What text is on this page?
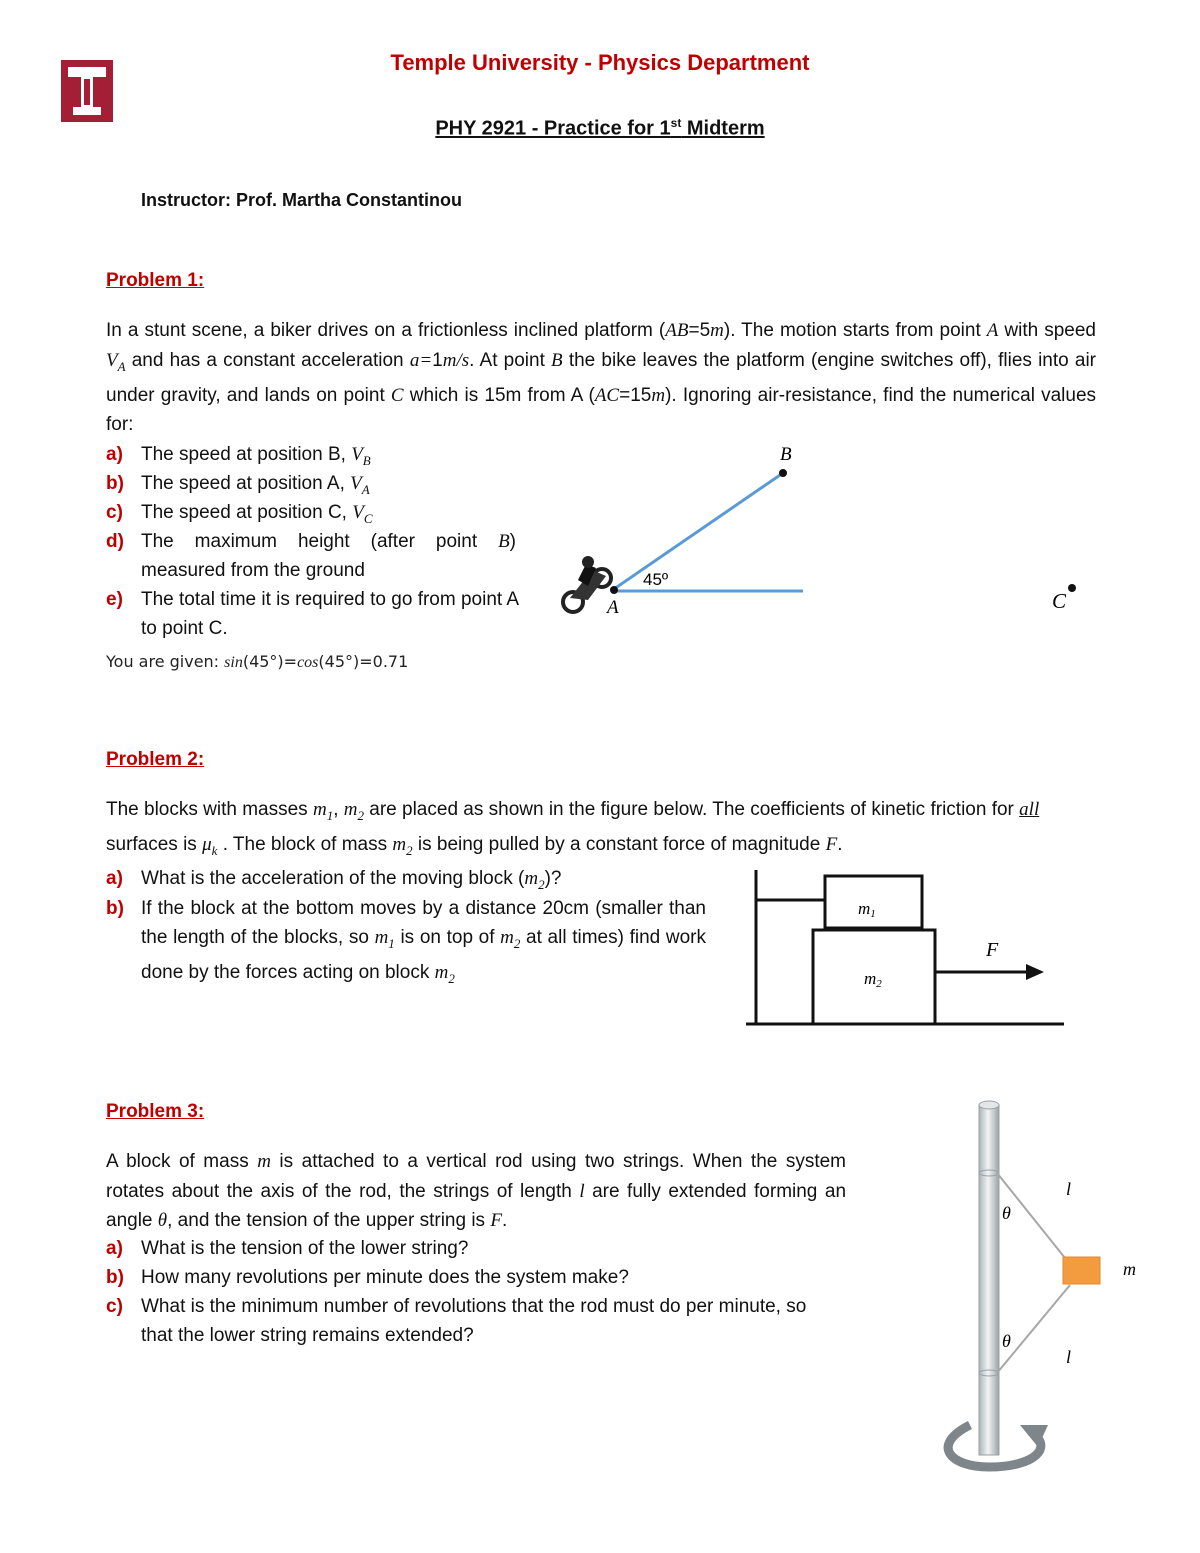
Temple University - Physics Department
PHY 2921 - Practice for 1st Midterm
Instructor: Prof. Martha Constantinou
Problem 1:
In a stunt scene, a biker drives on a frictionless inclined platform (AB=5m). The motion starts from point A with speed $V_A$ and has a constant acceleration a=1m/s. At point B the bike leaves the platform (engine switches off), flies into air under gravity, and lands on point C which is 15m from A (AC=15m). Ignoring air-resistance, find the numerical values for:
a) The speed at position B, $V_B$
b) The speed at position A, $V_A$
c) The speed at position C, $V_C$
d) The maximum height (after point B) measured from the ground
e) The total time it is required to go from point A to point C.
You are given: sin(45°)=cos(45°)=0.71
B
A	C
45º
Problem 2:
The blocks with masses $m_1$, $m_2$ are placed as shown in the figure below. The coefficients of kinetic friction for all surfaces is $\mu_k$ . The block of mass $m_2$ is being pulled by a constant force of magnitude F.
a) What is the acceleration of the moving block $(m_2)$?
b) If the block at the bottom moves by a distance 20cm (smaller than the length of the blocks, so $m_1$ is on top of $m_2$ at all times) find work done by the forces acting on block $m_2$
m1
m2
F
Problem 3:
A block of mass m is attached to a vertical rod using two strings. When the system rotates about the axis of the rod, the strings of length l are fully extended forming an angle θ, and the tension of the upper string is F.
a) What is the tension of the lower string?
b) How many revolutions per minute does the system make?
c) What is the minimum number of revolutions that the rod must do per minute, so that the lower string remains extended?
θ
θ
l
l
m
